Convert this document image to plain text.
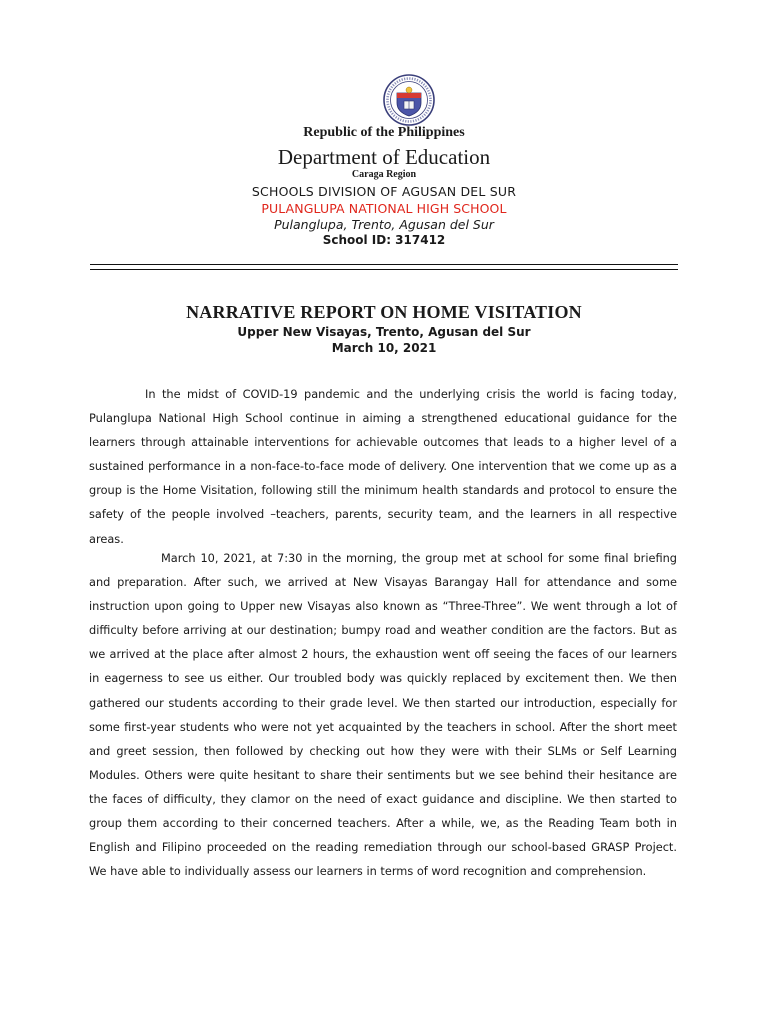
Republic of the Philippines
Department of Education
Caraga Region
SCHOOLS DIVISION OF AGUSAN DEL SUR
PULANGLUPA NATIONAL HIGH SCHOOL
Pulanglupa, Trento, Agusan del Sur
School ID: 317412
NARRATIVE REPORT ON HOME VISITATION
Upper New Visayas, Trento, Agusan del Sur
March 10, 2021

In the midst of COVID-19 pandemic and the underlying crisis the world is facing today, Pulanglupa National High School continue in aiming a strengthened educational guidance for the learners through attainable interventions for achievable outcomes that leads to a higher level of a sustained performance in a non-face-to-face mode of delivery. One intervention that we come up as a group is the Home Visitation, following still the minimum health standards and protocol to ensure the safety of the people involved –teachers, parents, security team, and the learners in all respective areas.

March 10, 2021, at 7:30 in the morning, the group met at school for some final briefing and preparation. After such, we arrived at New Visayas Barangay Hall for attendance and some instruction upon going to Upper new Visayas also known as “Three-Three”. We went through a lot of difficulty before arriving at our destination; bumpy road and weather condition are the factors. But as we arrived at the place after almost 2 hours, the exhaustion went off seeing the faces of our learners in eagerness to see us either. Our troubled body was quickly replaced by excitement then. We then gathered our students according to their grade level. We then started our introduction, especially for some first-year students who were not yet acquainted by the teachers in school. After the short meet and greet session, then followed by checking out how they were with their SLMs or Self Learning Modules. Others were quite hesitant to share their sentiments but we see behind their hesitance are the faces of difficulty, they clamor on the need of exact guidance and discipline. We then started to group them according to their concerned teachers. After a while, we, as the Reading Team both in English and Filipino proceeded on the reading remediation through our school-based GRASP Project. We have able to individually assess our learners in terms of word recognition and comprehension.
